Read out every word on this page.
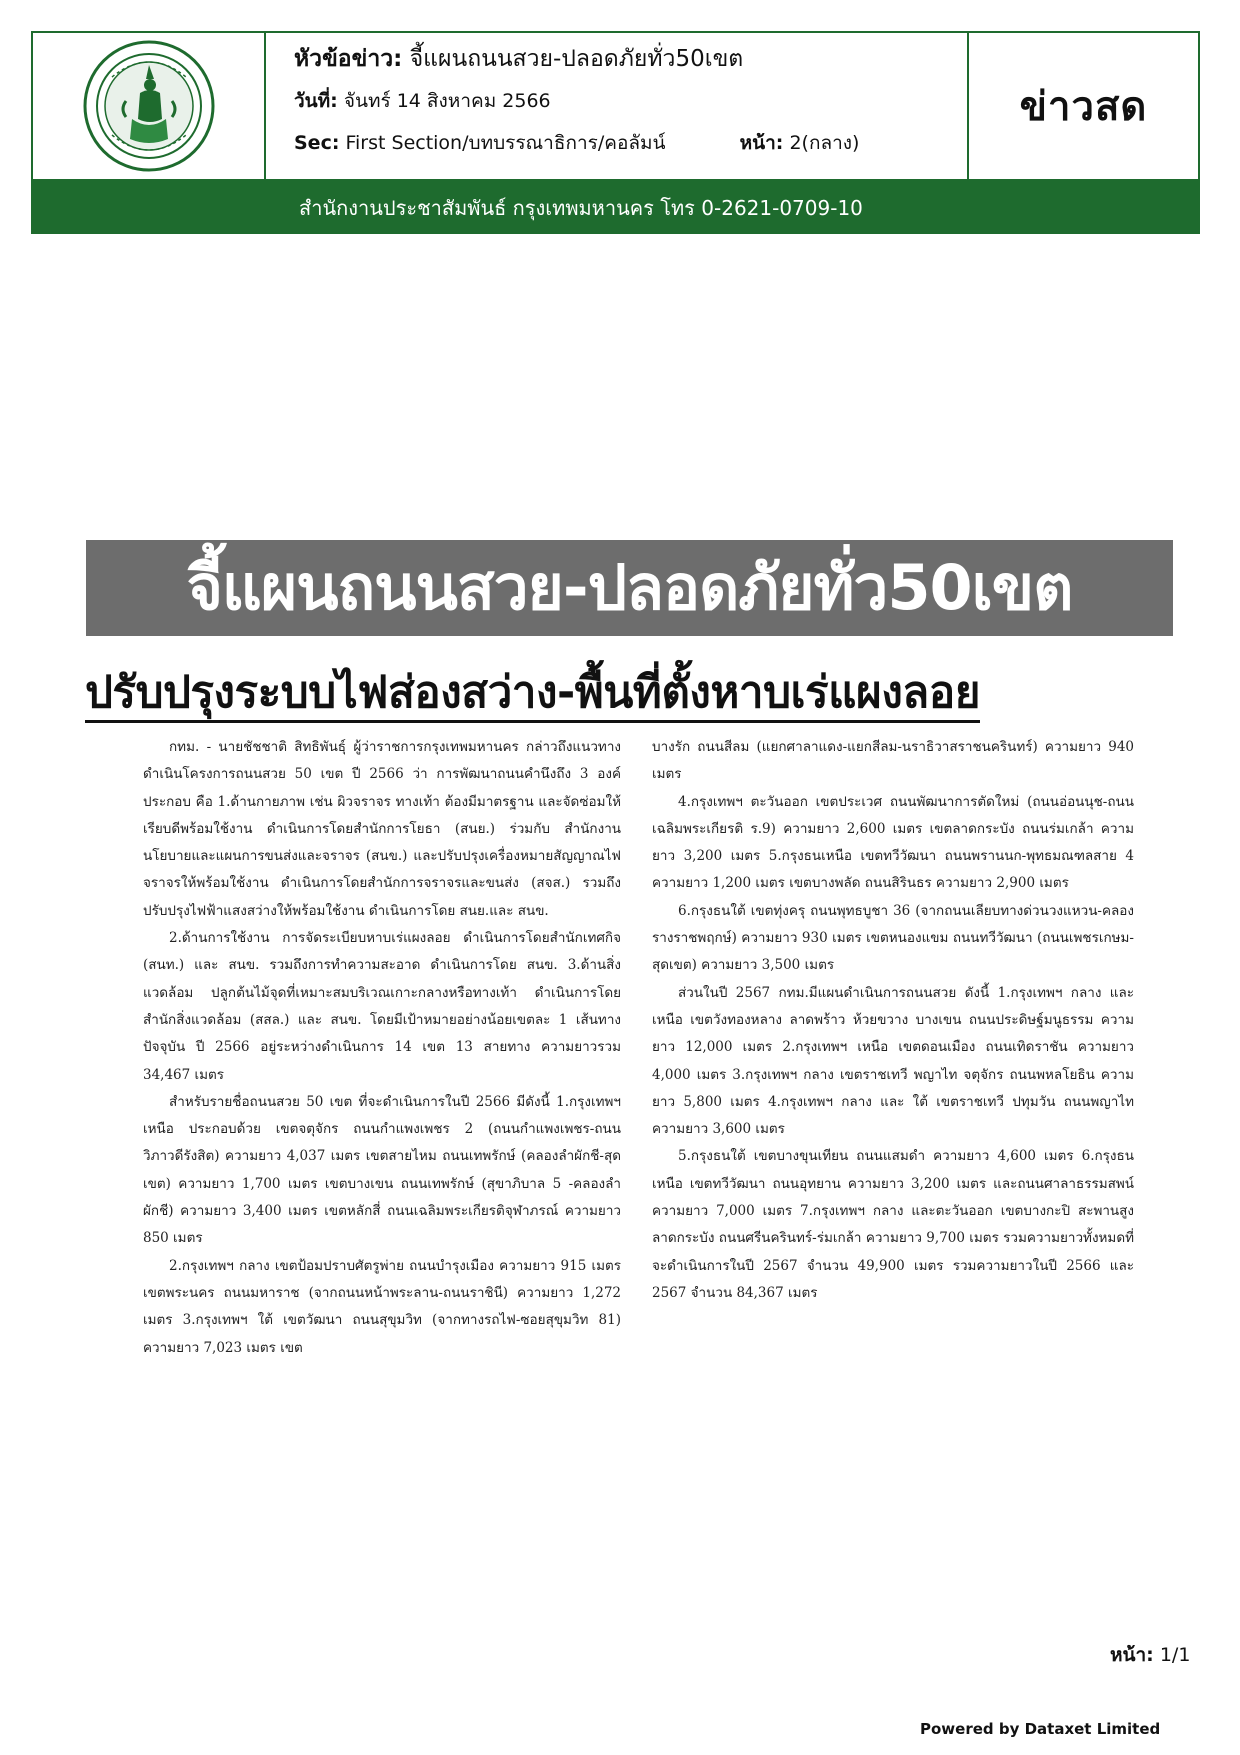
หัวข้อข่าว: จี้แผนถนนสวย-ปลอดภัยทั่ว50เขต
วันที่: จันทร์ 14 สิงหาคม 2566
Sec: First Section/บทบรรณาธิการ/คอลัมน์	หน้า: 2(กลาง)
ข่าวสด
สำนักงานประชาสัมพันธ์ กรุงเทพมหานคร โทร 0-2621-0709-10
จี้แผนถนนสวย-ปลอดภัยทั่ว50เขต
ปรับปรุงระบบไฟส่องสว่าง-พื้นที่ตั้งหาบเร่แผงลอย

กทม. - นายชัชชาติ สิทธิพันธุ์ ผู้ว่าราชการกรุงเทพมหานคร กล่าวถึงแนวทางดำเนินโครงการถนนสวย 50 เขต ปี 2566 ว่า การพัฒนาถนนคำนึงถึง 3 องค์ประกอบ คือ 1.ด้านกายภาพ เช่น ผิวจราจร ทางเท้า ต้องมีมาตรฐาน และจัดซ่อมให้เรียบดีพร้อมใช้งาน ดำเนินการโดยสำนักการโยธา (สนย.) ร่วมกับ สำนักงานนโยบายและแผนการขนส่งและจราจร (สนข.) และปรับปรุงเครื่องหมายสัญญาณไฟจราจรให้พร้อมใช้งาน ดำเนินการโดยสำนักการจราจรและขนส่ง (สจส.) รวมถึงปรับปรุงไฟฟ้าแสงสว่างให้พร้อมใช้งาน ดำเนินการโดย สนย.และ สนข.

2.ด้านการใช้งาน การจัดระเบียบหาบเร่แผงลอย ดำเนินการโดยสำนักเทศกิจ (สนท.) และ สนข. รวมถึงการทำความสะอาด ดำเนินการโดย สนข. 3.ด้านสิ่งแวดล้อม ปลูกต้นไม้จุดที่เหมาะสมบริเวณเกาะกลางหรือทางเท้า ดำเนินการโดยสำนักสิ่งแวดล้อม (สสล.) และ สนข. โดยมีเป้าหมายอย่างน้อยเขตละ 1 เส้นทาง ปัจจุบัน ปี 2566 อยู่ระหว่างดำเนินการ 14 เขต 13 สายทาง ความยาวรวม 34,467 เมตร

สำหรับรายชื่อถนนสวย 50 เขต ที่จะดำเนินการในปี 2566 มีดังนี้ 1.กรุงเทพฯ เหนือ ประกอบด้วย เขตจตุจักร ถนนกำแพงเพชร 2 (ถนนกำแพงเพชร-ถนนวิภาวดีรังสิต) ความยาว 4,037 เมตร เขตสายไหม ถนนเทพรักษ์ (คลองลำผักชี-สุดเขต) ความยาว 1,700 เมตร เขตบางเขน ถนนเทพรักษ์ (สุขาภิบาล 5 -คลองลำผักชี) ความยาว 3,400 เมตร เขตหลักสี่ ถนนเฉลิมพระเกียรติจุฬาภรณ์ ความยาว 850 เมตร

2.กรุงเทพฯ กลาง เขตป้อมปราบศัตรูพ่าย ถนนบำรุงเมือง ความยาว 915 เมตร เขตพระนคร ถนนมหาราช (จากถนนหน้าพระลาน-ถนนราชินี) ความยาว 1,272 เมตร 3.กรุงเทพฯ ใต้ เขตวัฒนา ถนนสุขุมวิท (จากทางรถไฟ-ซอยสุขุมวิท 81) ความยาว 7,023 เมตร เขต

บางรัก ถนนสีลม (แยกศาลาแดง-แยกสีลม-นราธิวาสราชนครินทร์) ความยาว 940 เมตร

4.กรุงเทพฯ ตะวันออก เขตประเวศ ถนนพัฒนาการตัดใหม่ (ถนนอ่อนนุช-ถนนเฉลิมพระเกียรติ ร.9) ความยาว 2,600 เมตร เขตลาดกระบัง ถนนร่มเกล้า ความยาว 3,200 เมตร 5.กรุงธนเหนือ เขตทวีวัฒนา ถนนพรานนก-พุทธมณฑลสาย 4 ความยาว 1,200 เมตร เขตบางพลัด ถนนสิรินธร ความยาว 2,900 เมตร

6.กรุงธนใต้ เขตทุ่งครุ ถนนพุทธบูชา 36 (จากถนนเลียบทางด่วนวงแหวน-คลองรางราชพฤกษ์) ความยาว 930 เมตร เขตหนองแขม ถนนทวีวัฒนา (ถนนเพชรเกษม-สุดเขต) ความยาว 3,500 เมตร

ส่วนในปี 2567 กทม.มีแผนดำเนินการถนนสวย ดังนี้ 1.กรุงเทพฯ กลาง และเหนือ เขตวังทองหลาง ลาดพร้าว ห้วยขวาง บางเขน ถนนประดิษฐ์มนูธรรม ความยาว 12,000 เมตร 2.กรุงเทพฯ เหนือ เขตดอนเมือง ถนนเทิดราชัน ความยาว 4,000 เมตร 3.กรุงเทพฯ กลาง เขตราชเทวี พญาไท จตุจักร ถนนพหลโยธิน ความยาว 5,800 เมตร 4.กรุงเทพฯ กลาง และ ใต้ เขตราชเทวี ปทุมวัน ถนนพญาไท ความยาว 3,600 เมตร

5.กรุงธนใต้ เขตบางขุนเทียน ถนนแสมดำ ความยาว 4,600 เมตร 6.กรุงธนเหนือ เขตทวีวัฒนา ถนนอุทยาน ความยาว 3,200 เมตร และถนนศาลาธรรมสพน์ ความยาว 7,000 เมตร 7.กรุงเทพฯ กลาง และตะวันออก เขตบางกะปิ สะพานสูง ลาดกระบัง ถนนศรีนครินทร์-ร่มเกล้า ความยาว 9,700 เมตร รวมความยาวทั้งหมดที่จะดำเนินการในปี 2567 จำนวน 49,900 เมตร รวมความยาวในปี 2566 และ 2567 จำนวน 84,367 เมตร

หน้า: 1/1
Powered by Dataxet Limited
